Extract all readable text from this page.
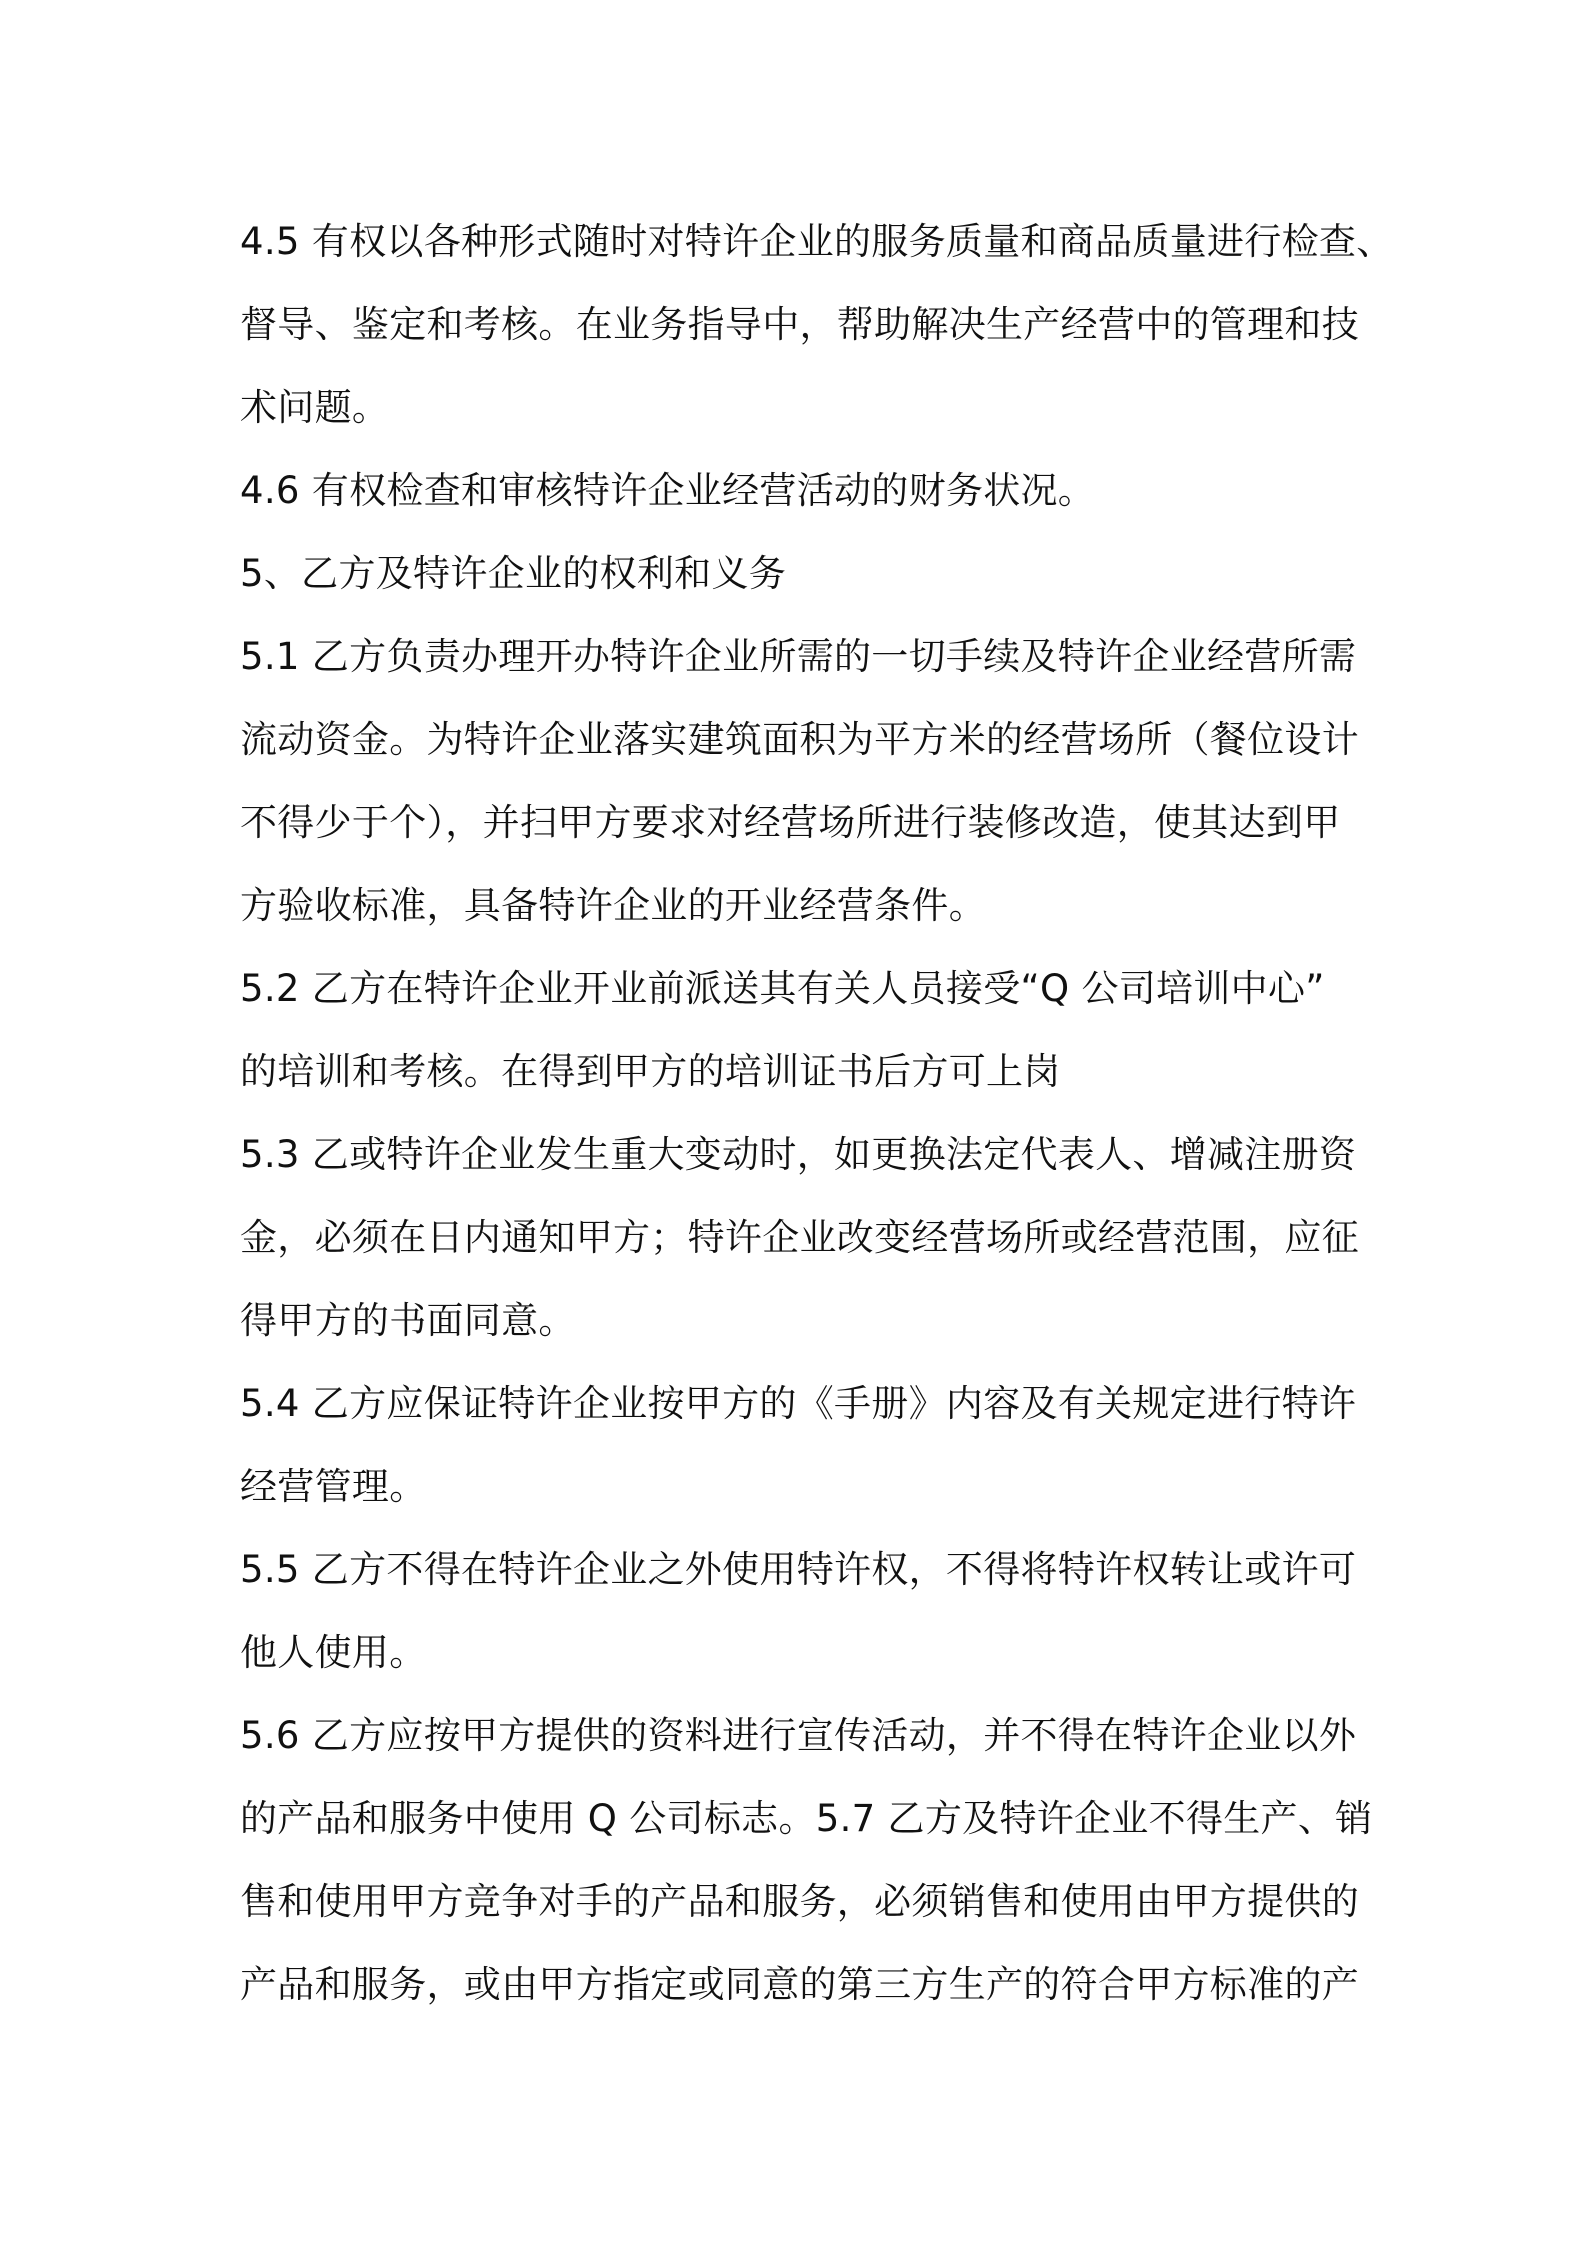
4.5 有权以各种形式随时对特许企业的服务质量和商品质量进行检查、
督导、鉴定和考核。在业务指导中，帮助解决生产经营中的管理和技
术问题。
4.6 有权检查和审核特许企业经营活动的财务状况。
5、乙方及特许企业的权利和义务
5.1 乙方负责办理开办特许企业所需的一切手续及特许企业经营所需
流动资金。为特许企业落实建筑面积为平方米的经营场所（餐位设计
不得少于个），并扫甲方要求对经营场所进行装修改造，使其达到甲
方验收标准，具备特许企业的开业经营条件。
5.2 乙方在特许企业开业前派送其有关人员接受“Q 公司培训中心”
的培训和考核。在得到甲方的培训证书后方可上岗
5.3 乙或特许企业发生重大变动时，如更换法定代表人、增减注册资
金，必须在日内通知甲方；特许企业改变经营场所或经营范围，应征
得甲方的书面同意。
5.4 乙方应保证特许企业按甲方的《手册》内容及有关规定进行特许
经营管理。
5.5 乙方不得在特许企业之外使用特许权，不得将特许权转让或许可
他人使用。
5.6 乙方应按甲方提供的资料进行宣传活动，并不得在特许企业以外
的产品和服务中使用 Q 公司标志。5.7 乙方及特许企业不得生产、销
售和使用甲方竞争对手的产品和服务，必须销售和使用由甲方提供的
产品和服务，或由甲方指定或同意的第三方生产的符合甲方标准的产
